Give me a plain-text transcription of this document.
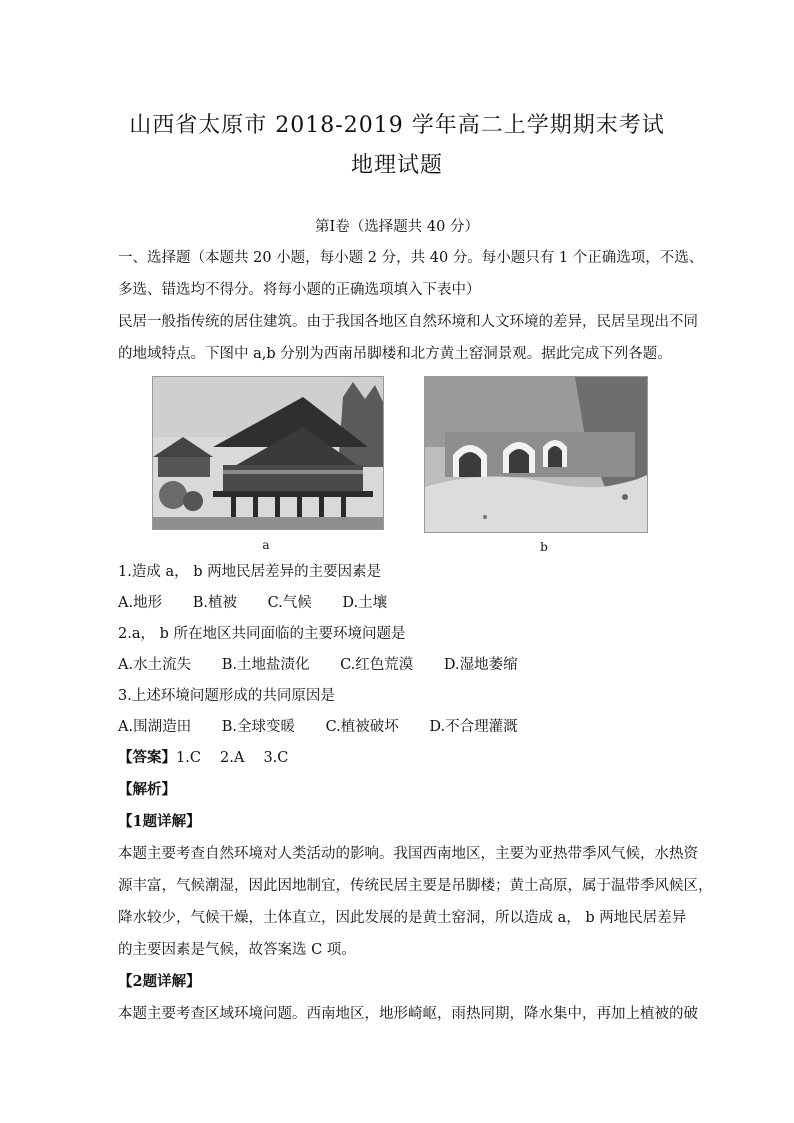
山西省太原市 2018-2019 学年高二上学期期末考试
地理试题
第Ⅰ卷（选择题共 40 分）
一、选择题（本题共 20 小题，每小题 2 分，共 40 分。每小题只有 1 个正确选项，不选、
多选、错选均不得分。将每小题的正确选项填入下表中）
民居一般指传统的居住建筑。由于我国各地区自然环境和人文环境的差异，民居呈现出不同
的地域特点。下图中 a,b 分别为西南吊脚楼和北方黄土窑洞景观。据此完成下列各题。
a	b
1.造成 a， b 两地民居差异的主要因素是
A.地形 B.植被 C.气候 D.土壤
2.a， b 所在地区共同面临的主要环境问题是
A.水土流失 B.土地盐渍化 C.红色荒漠 D.湿地萎缩
3.上述环境问题形成的共同原因是
A.围湖造田 B.全球变暖 C.植被破坏 D.不合理灌溉
【答案】1.C　 2.A　 3.C
【解析】
【1题详解】
本题主要考查自然环境对人类活动的影响。我国西南地区，主要为亚热带季风气候，水热资
源丰富，气候潮湿，因此因地制宜，传统民居主要是吊脚楼；黄土高原，属于温带季风候区，
降水较少，气候干燥，土体直立，因此发展的是黄土窑洞，所以造成 a， b 两地民居差异
的主要因素是气候，故答案选 C 项。
【2题详解】
本题主要考查区域环境问题。西南地区，地形崎岖，雨热同期，降水集中，再加上植被的破
